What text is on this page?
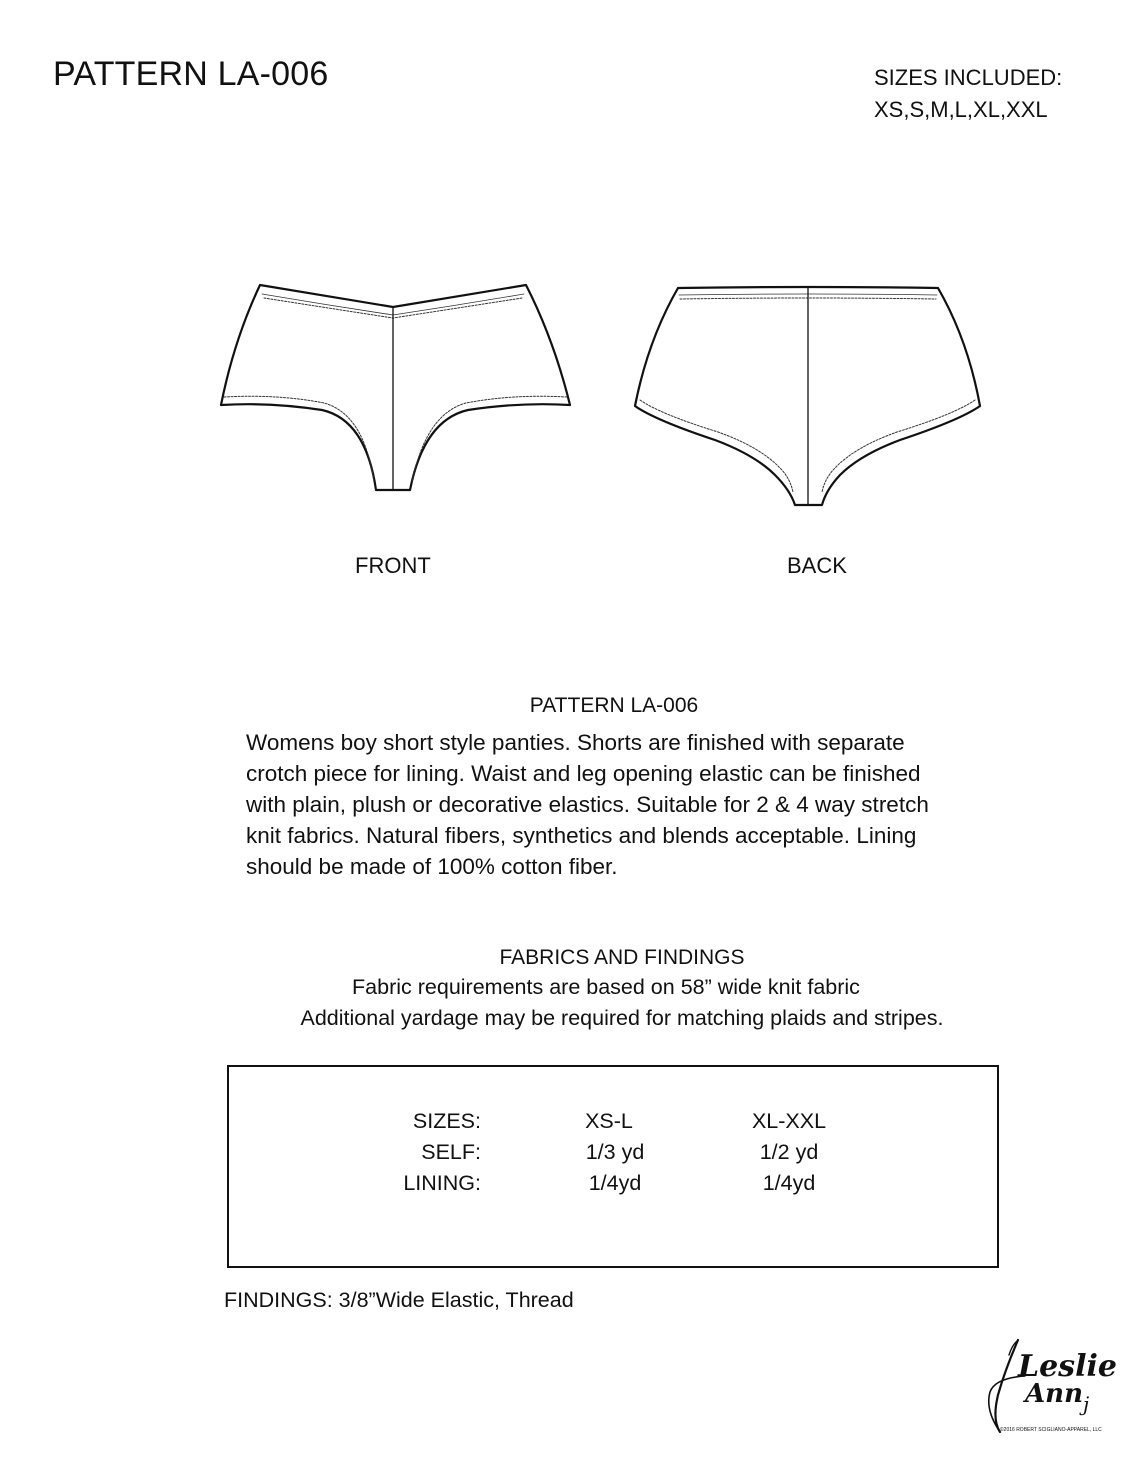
PATTERN LA-006	SIZES INCLUDED:
XS,S,M,L,XL,XXL
FRONT	BACK
PATTERN LA-006
Womens boy short style panties. Shorts are finished with separate
crotch piece for lining. Waist and leg opening elastic can be finished
with plain, plush or decorative elastics. Suitable for 2 & 4 way stretch
knit fabrics. Natural fibers, synthetics and blends acceptable. Lining
should be made of 100% cotton fiber.
FABRICS AND FINDINGS
Fabric requirements are based on 58” wide knit fabric
Additional yardage may be required for matching plaids and stripes.
SIZES:	XS-L	XL-XXL
SELF:	1/3 yd	1/2 yd
LINING:	1/4yd	1/4yd
FINDINGS: 3/8”Wide Elastic, Thread
Leslie
Ann j
©2016 ROBERT SCIGLIANO-APPAREL, LLC
